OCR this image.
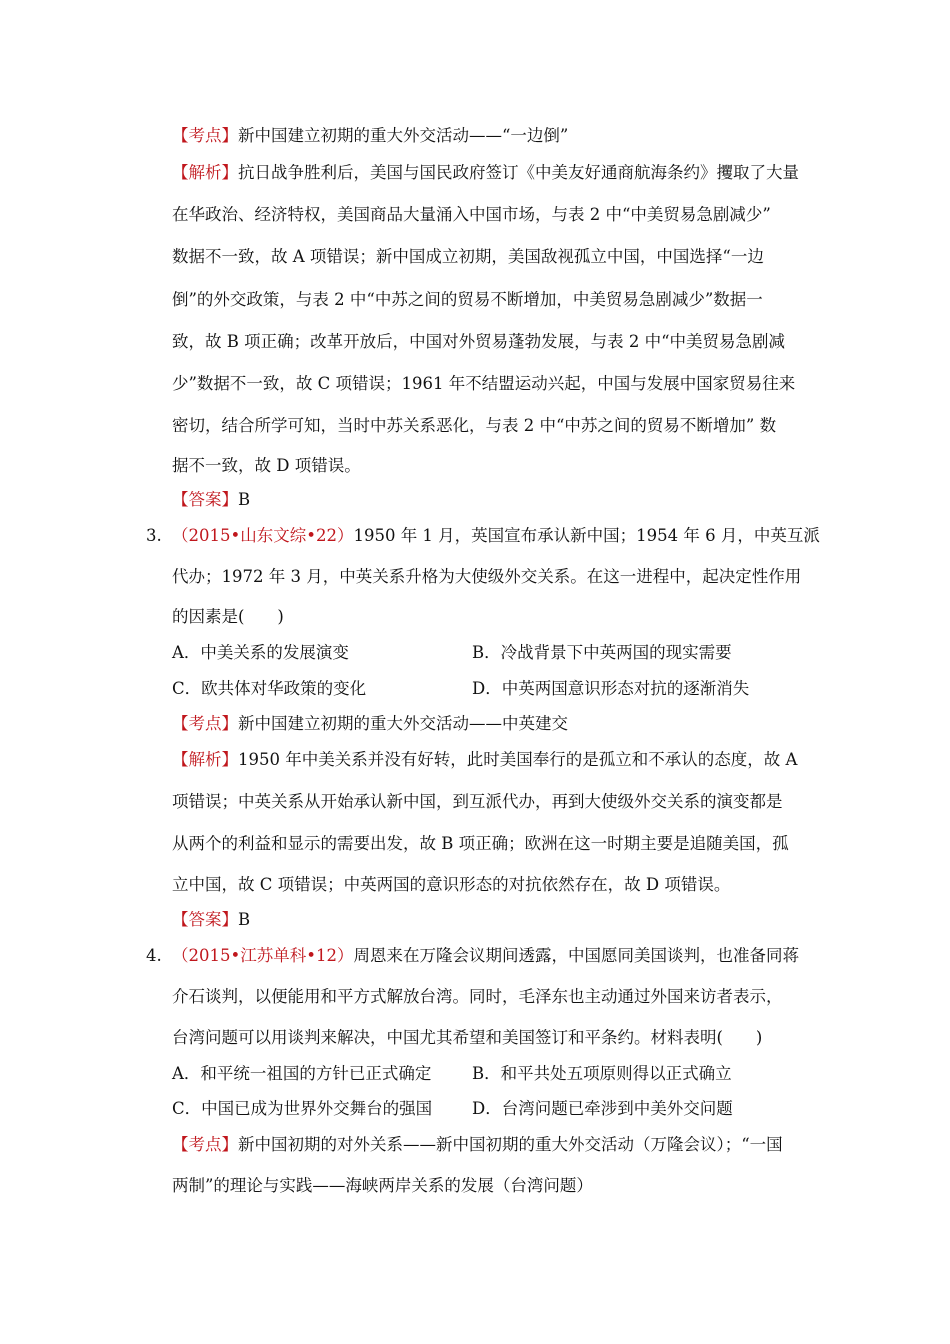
【考点】新中国建立初期的重大外交活动——“一边倒”
【解析】抗日战争胜利后，美国与国民政府签订《中美友好通商航海条约》攫取了大量
在华政治、经济特权，美国商品大量涌入中国市场，与表 2 中“中美贸易急剧减少”
数据不一致，故 A 项错误；新中国成立初期，美国敌视孤立中国，中国选择“一边
倒”的外交政策，与表 2 中“中苏之间的贸易不断增加，中美贸易急剧减少”数据一
致，故 B 项正确；改革开放后，中国对外贸易蓬勃发展，与表 2 中“中美贸易急剧减
少”数据不一致，故 C 项错误；1961 年不结盟运动兴起，中国与发展中国家贸易往来
密切，结合所学可知，当时中苏关系恶化，与表 2 中“中苏之间的贸易不断增加” 数
据不一致，故 D 项错误。
【答案】B
3. （2015•山东文综•22）1950 年 1 月，英国宣布承认新中国；1954 年 6 月，中英互派
代办；1972 年 3 月，中英关系升格为大使级外交关系。在这一进程中，起决定性作用
的因素是(　　)
A．中美关系的发展演变	B．冷战背景下中英两国的现实需要
C．欧共体对华政策的变化	D．中英两国意识形态对抗的逐渐消失
【考点】新中国建立初期的重大外交活动——中英建交
【解析】1950 年中美关系并没有好转，此时美国奉行的是孤立和不承认的态度，故 A
项错误；中英关系从开始承认新中国，到互派代办，再到大使级外交关系的演变都是
从两个的利益和显示的需要出发，故 B 项正确；欧洲在这一时期主要是追随美国，孤
立中国，故 C 项错误；中英两国的意识形态的对抗依然存在，故 D 项错误。
【答案】B
4. （2015•江苏单科•12）周恩来在万隆会议期间透露，中国愿同美国谈判，也准备同蒋
介石谈判，以便能用和平方式解放台湾。同时，毛泽东也主动通过外国来访者表示，
台湾问题可以用谈判来解决，中国尤其希望和美国签订和平条约。材料表明(　　)
A．和平统一祖国的方针已正式确定 B．和平共处五项原则得以正式确立
C．中国已成为世界外交舞台的强国 D．台湾问题已牵涉到中美外交问题
【考点】新中国初期的对外关系——新中国初期的重大外交活动（万隆会议）；“一国
两制”的理论与实践——海峡两岸关系的发展（台湾问题）
